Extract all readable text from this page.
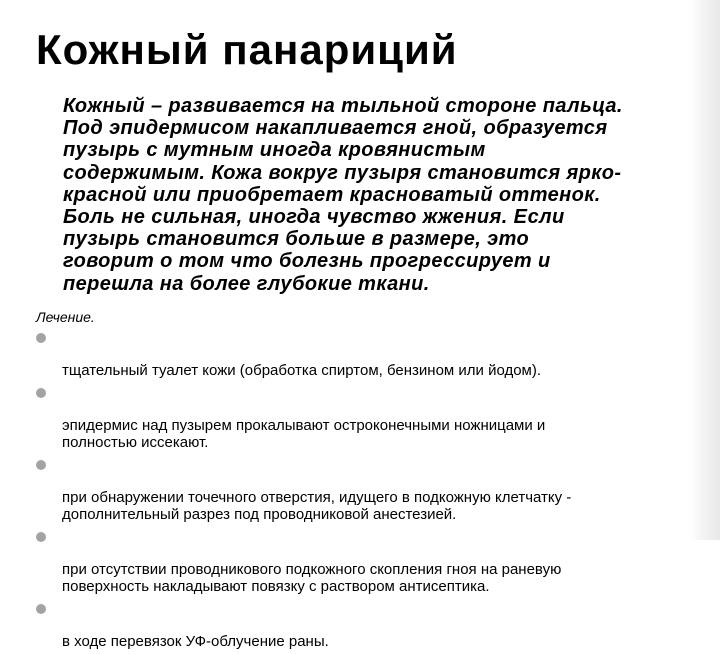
Кожный панариций

Кожный – развивается на тыльной стороне пальца.
Под эпидермисом накапливается гной, образуется
пузырь с мутным иногда кровянистым
содержимым. Кожа вокруг пузыря становится ярко-
красной или приобретает красноватый оттенок.
Боль не сильная, иногда чувство жжения. Если
пузырь становится больше в размере, это
говорит о том что болезнь прогрессирует и
перешла на более глубокие ткани.

Лечение.

тщательный туалет кожи (обработка спиртом, бензином или йодом).

эпидермис над пузырем прокалывают остроконечными ножницами и
полностью иссекают.

при обнаружении точечного отверстия, идущего в подкожную клетчатку -
дополнительный разрез под проводниковой анестезией.

при отсутствии проводникового подкожного скопления гноя на раневую
поверхность накладывают повязку с раствором антисептика.

в ходе перевязок УФ-облучение раны.
